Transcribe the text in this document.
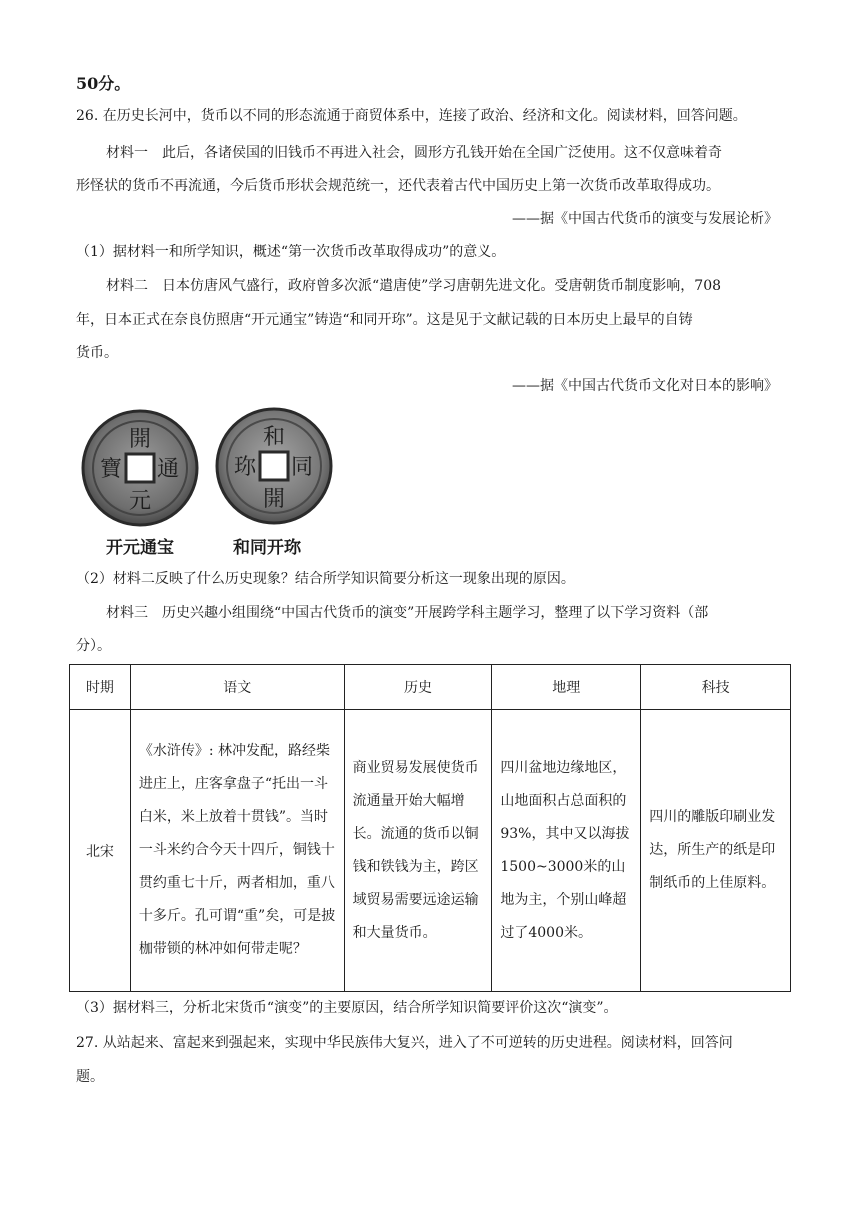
50分。
26. 在历史长河中，货币以不同的形态流通于商贸体系中，连接了政治、经济和文化。阅读材料，回答问题。
材料一　此后，各诸侯国的旧钱币不再进入社会，圆形方孔钱开始在全国广泛使用。这不仅意味着奇
形怪状的货币不再流通，今后货币形状会规范统一，还代表着古代中国历史上第一次货币改革取得成功。
——据《中国古代货币的演变与发展论析》
（1）据材料一和所学知识，概述“第一次货币改革取得成功”的意义。
材料二　日本仿唐风气盛行，政府曾多次派“遣唐使”学习唐朝先进文化。受唐朝货币制度影响，708
年，日本正式在奈良仿照唐“开元通宝”铸造“和同开珎”。这是见于文献记载的日本历史上最早的自铸
货币。
——据《中国古代货币文化对日本的影响》
開
元
通
寶
开元通宝
和
開
同
珎
和同开珎
（2）材料二反映了什么历史现象？结合所学知识简要分析这一现象出现的原因。
材料三　历史兴趣小组围绕“中国古代货币的演变”开展跨学科主题学习，整理了以下学习资料（部
分）。
时期	语文	历史	地理	科技
北宋	《水浒传》: 林冲发配，路经柴进庄上，庄客拿盘子“托出一斗白米，米上放着十贯钱”。当时一斗米约合今天十四斤，铜钱十贯约重七十斤，两者相加，重八十多斤。孔可谓“重”矣，可是披枷带锁的林冲如何带走呢？	商业贸易发展使货币流通量开始大幅增长。流通的货币以铜钱和铁钱为主，跨区域贸易需要远途运输和大量货币。	四川盆地边缘地区，山地面积占总面积的93%，其中又以海拔1500~3000米的山地为主，个别山峰超过了4000米。	四川的雕版印刷业发达，所生产的纸是印制纸币的上佳原料。
（3）据材料三，分析北宋货币“演变”的主要原因，结合所学知识简要评价这次“演变”。
27. 从站起来、富起来到强起来，实现中华民族伟大复兴，进入了不可逆转的历史进程。阅读材料，回答问
题。
